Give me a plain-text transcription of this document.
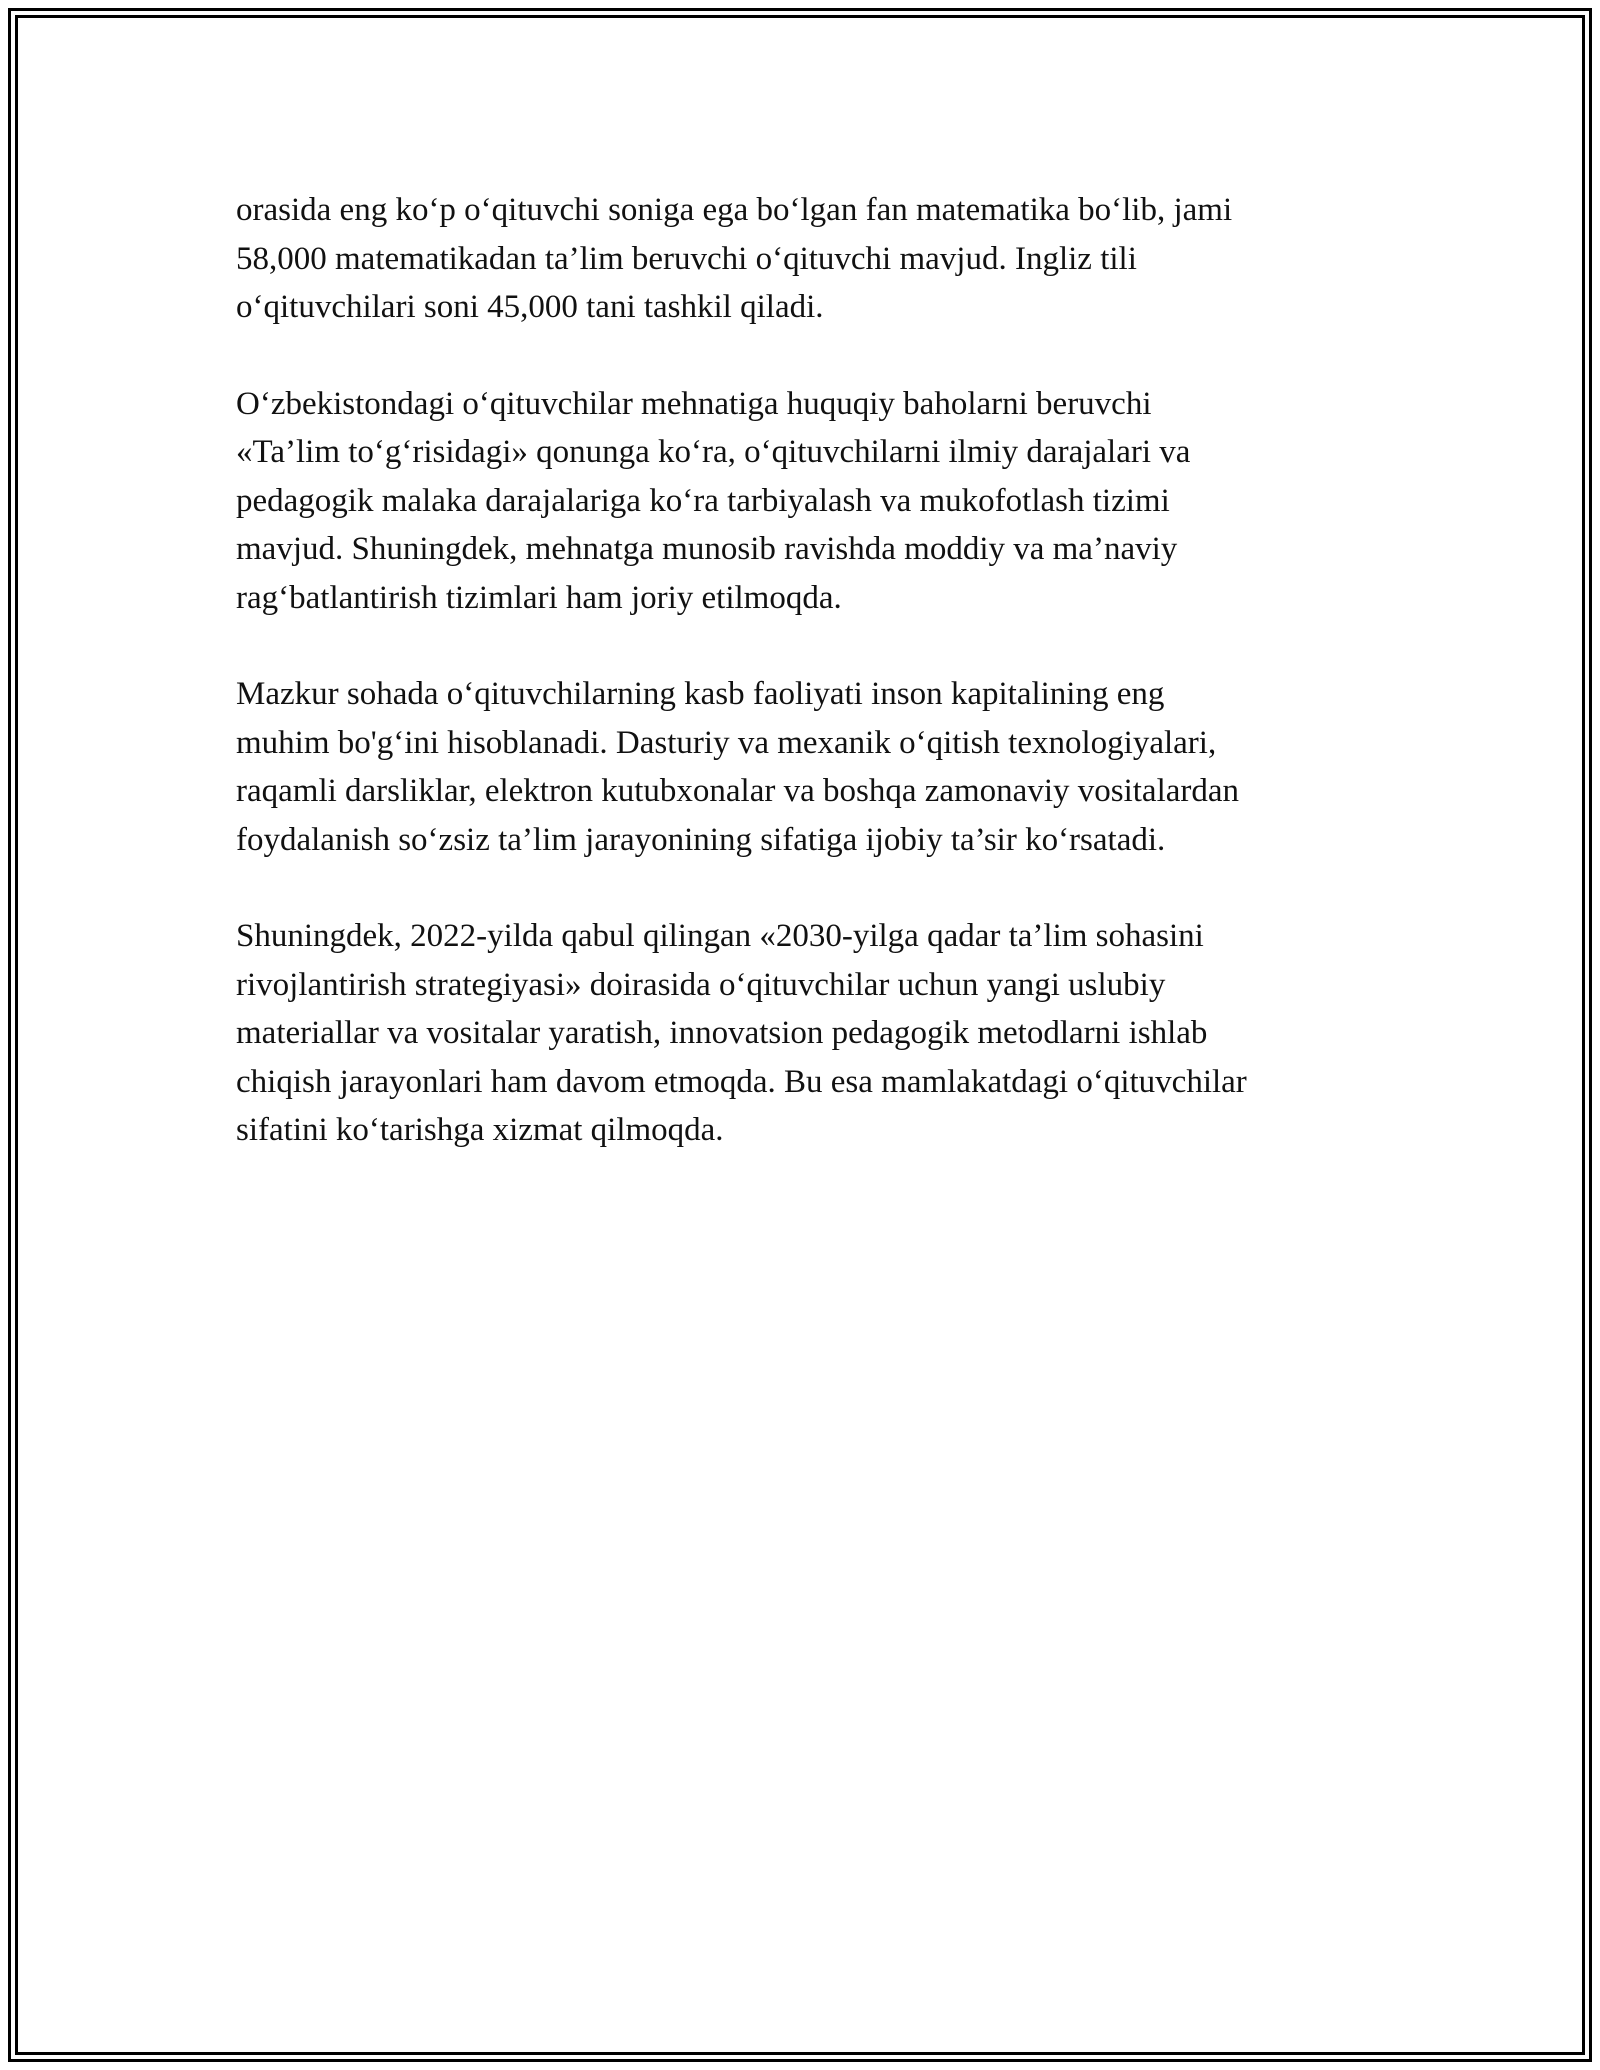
orasida eng ko‘p o‘qituvchi soniga ega bo‘lgan fan matematika bo‘lib, jami
58,000 matematikadan ta’lim beruvchi o‘qituvchi mavjud. Ingliz tili
o‘qituvchilari soni 45,000 tani tashkil qiladi.

O‘zbekistondagi o‘qituvchilar mehnatiga huquqiy baholarni beruvchi
«Ta’lim to‘g‘risidagi» qonunga ko‘ra, o‘qituvchilarni ilmiy darajalari va
pedagogik malaka darajalariga ko‘ra tarbiyalash va mukofotlash tizimi
mavjud. Shuningdek, mehnatga munosib ravishda moddiy va ma’naviy
rag‘batlantirish tizimlari ham joriy etilmoqda.

Mazkur sohada o‘qituvchilarning kasb faoliyati inson kapitalining eng
muhim bo'g‘ini hisoblanadi. Dasturiy va mexanik o‘qitish texnologiyalari,
raqamli darsliklar, elektron kutubxonalar va boshqa zamonaviy vositalardan
foydalanish so‘zsiz ta’lim jarayonining sifatiga ijobiy ta’sir ko‘rsatadi.

Shuningdek, 2022-yilda qabul qilingan «2030-yilga qadar ta’lim sohasini
rivojlantirish strategiyasi» doirasida o‘qituvchilar uchun yangi uslubiy
materiallar va vositalar yaratish, innovatsion pedagogik metodlarni ishlab
chiqish jarayonlari ham davom etmoqda. Bu esa mamlakatdagi o‘qituvchilar
sifatini ko‘tarishga xizmat qilmoqda.
